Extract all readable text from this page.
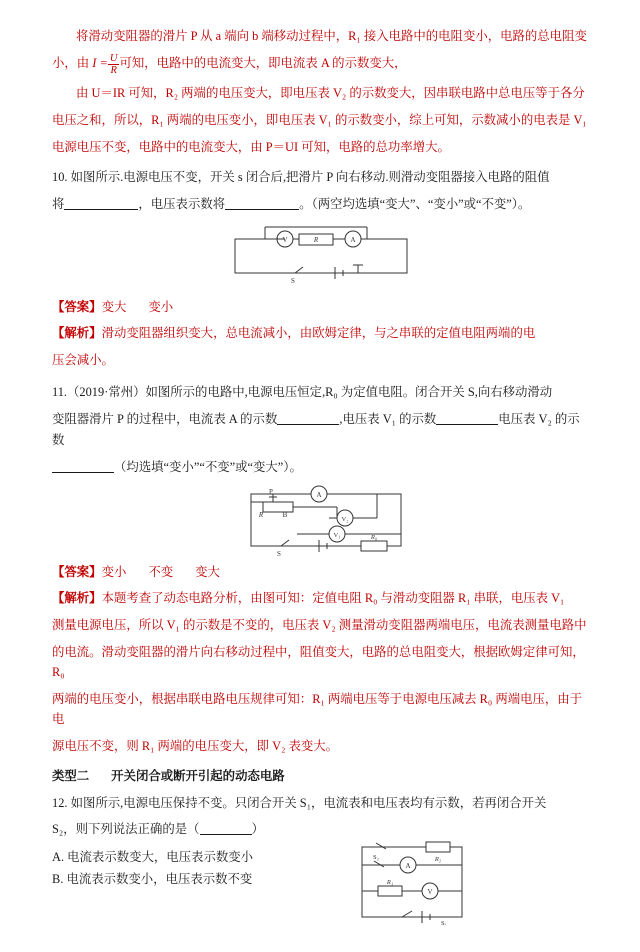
将滑动变阻器的滑片 P 从 a 端向 b 端移动过程中，R₁ 接入电路中的电阻变小，电路的总电阻变

小，由 $I = \frac{U}{R}$ 可知，电路中的电流变大，即电流表 A 的示数变大，

由 U＝IR 可知，R₂ 两端的电压变大，即电压表 V₂ 的示数变大，因串联电路中总电压等于各分

电压之和，所以，R₁ 两端的电压变小，即电压表 V₁ 的示数变小，综上可知，示数减小的电表是 V₁

电源电压不变，电路中的电流变大，由 P＝UI 可知，电路的总功率增大。

10. 如图所示.电源电压不变，开关 s 闭合后,把滑片 P 向右移动.则滑动变阻器接入电路的阻值

将	，电压表示数将	。（两空均选填“变大”、“变小”或“不变”）。

V	R	A
S

【答案】变大 变小

【解析】滑动变阻器组织变大，总电流减小，由欧姆定律，与之串联的定值电阻两端的电

压会减小。

11.（2019·常州）如图所示的电路中,电源电压恒定,R₀ 为定值电阻。闭合开关 S,向右移动滑动

变阻器滑片 P 的过程中，电流表 A 的示数	,电压表 V₁ 的示数	电压表 V₂ 的示数

（均选填“变小”“不变”或“变大”）。

P
R	B
A
V₂
V₁
S
R₀

【答案】变小 不变 变大

【解析】本题考查了动态电路分析，由图可知：定值电阻 R₀ 与滑动变阻器 R₁ 串联，电压表 V₁

测量电源电压，所以 V₁ 的示数是不变的，电压表 V₂ 测量滑动变阻器两端电压，电流表测量电路中

的电流。滑动变阻器的滑片向右移动过程中，阻值变大，电路的总电阻变大，根据欧姆定律可知，R₀

两端的电压变小，根据串联电路电压规律可知：R₁ 两端电压等于电源电压减去 R₀ 两端电压，由于电

源电压不变，则 R₁ 两端的电压变大，即 V₂ 表变大。

类型二 开关闭合或断开引起的动态电路

12. 如图所示,电源电压保持不变。只闭合开关 S₁，电流表和电压表均有示数，若再闭合开关

S₂，则下列说法正确的是（	）

A. 电流表示数变大，电压表示数变小

B. 电流表示数变小，电压表示数不变

S₂	R₂
A
R₁
V
S₁
